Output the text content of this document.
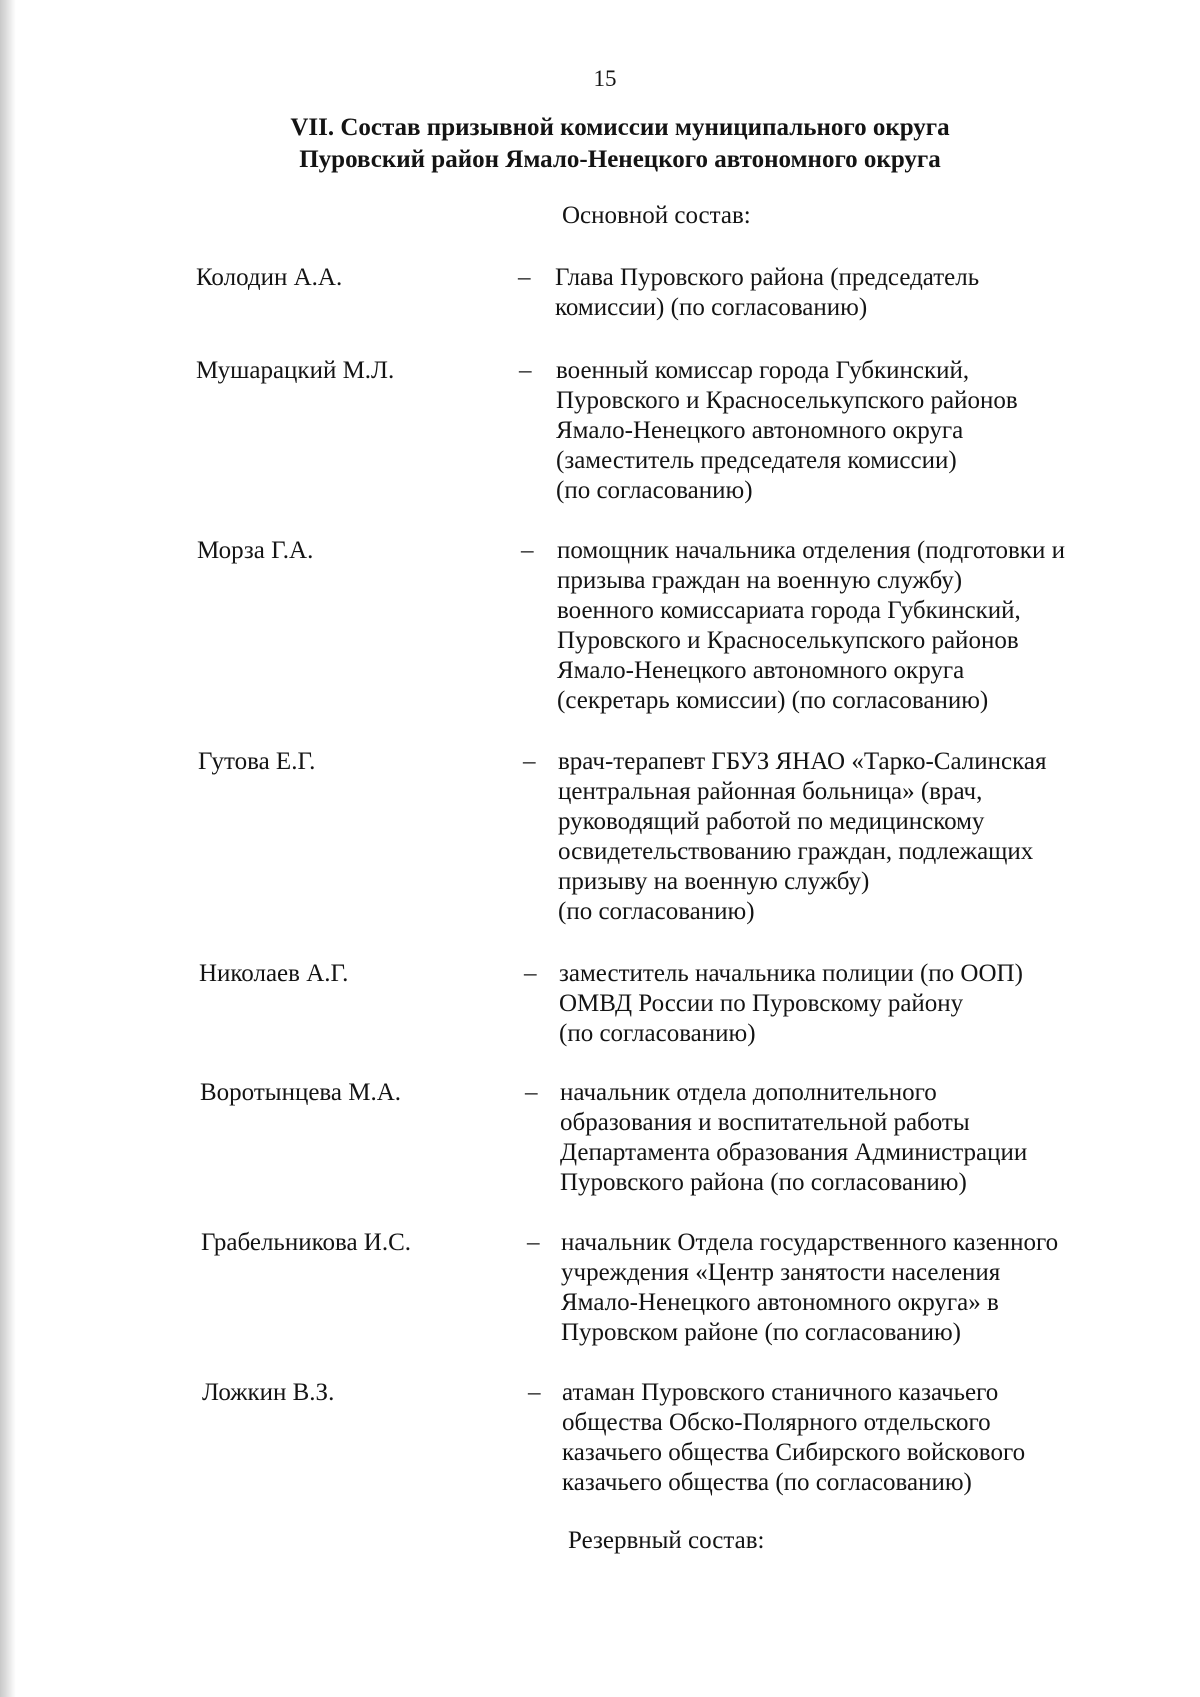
15
VII. Состав призывной комиссии муниципального округа
Пуровский район Ямало-Ненецкого автономного округа
Основной состав:
Колодин А.А.	– Глава Пуровского района (председатель
комиссии) (по согласованию)
Мушарацкий М.Л.	– военный комиссар города Губкинский,
Пуровского и Красноселькупского районов
Ямало-Ненецкого автономного округа
(заместитель председателя комиссии)
(по согласованию)
Морза Г.А.	– помощник начальника отделения (подготовки и
призыва граждан на военную службу)
военного комиссариата города Губкинский,
Пуровского и Красноселькупского районов
Ямало-Ненецкого автономного округа
(секретарь комиссии) (по согласованию)
Гутова Е.Г.	– врач-терапевт ГБУЗ ЯНАО «Тарко-Салинская
центральная районная больница» (врач,
руководящий работой по медицинскому
освидетельствованию граждан, подлежащих
призыву на военную службу)
(по согласованию)
Николаев А.Г.	– заместитель начальника полиции (по ООП)
ОМВД России по Пуровскому району
(по согласованию)
Воротынцева М.А.	– начальник отдела дополнительного
образования и воспитательной работы
Департамента образования Администрации
Пуровского района (по согласованию)
Грабельникова И.С.	– начальник Отдела государственного казенного
учреждения «Центр занятости населения
Ямало-Ненецкого автономного округа» в
Пуровском районе (по согласованию)
Ложкин В.З.	– атаман Пуровского станичного казачьего
общества Обско-Полярного отдельского
казачьего общества Сибирского войскового
казачьего общества (по согласованию)
Резервный состав:
